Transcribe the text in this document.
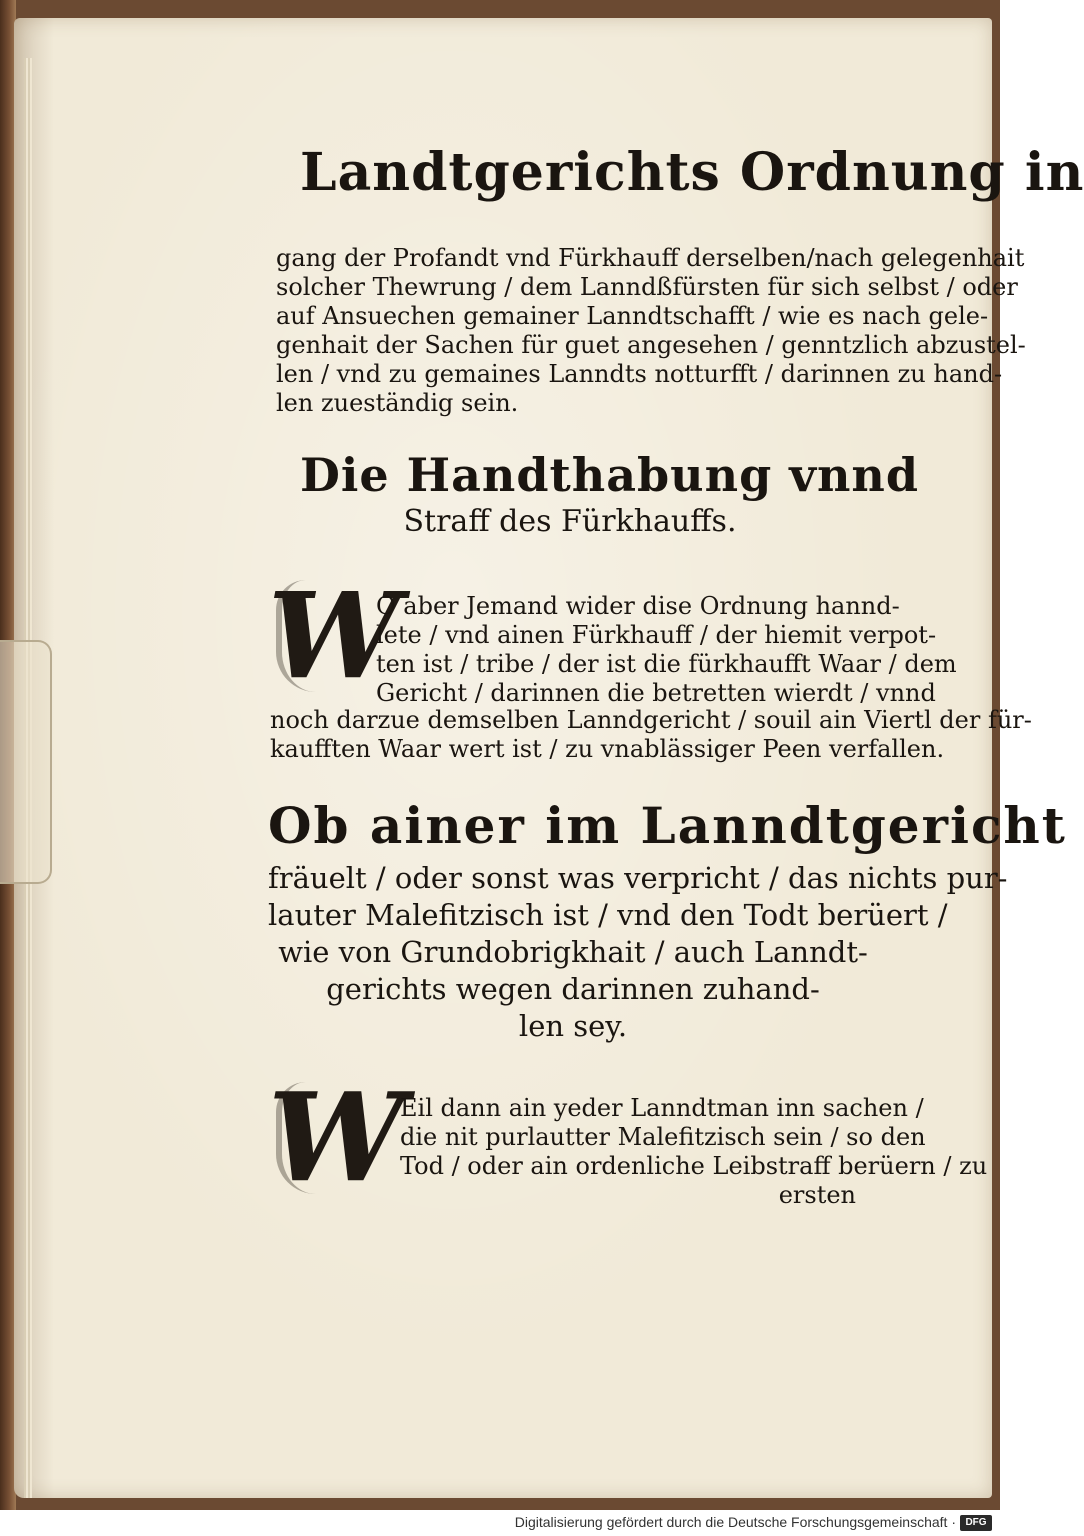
Landtgerichts Ordnung in
gang der Profandt vnd Fürkhauff derselben/nach gelegenhait
solcher Thewrung / dem Lanndßfürsten für sich selbst / oder
auf Ansuechen gemainer Lanndtschafft / wie es nach gele-
genhait der Sachen für guet angesehen / genntzlich abzustel-
len / vnd zu gemaines Lanndts notturfft / darinnen zu hand-
len zueständig sein.
Die Handthabung vnnd
Straff des Fürkhauffs.
W
O aber Jemand wider dise Ordnung hannd-
lete / vnd ainen Fürkhauff / der hiemit verpot-
ten ist / tribe / der ist die fürkhaufft Waar / dem
Gericht / darinnen die betretten wierdt / vnnd
noch darzue demselben Lanndgericht / souil ain Viertl der für-
kaufften Waar wert ist / zu vnablässiger Peen verfallen.
Ob ainer im Lanndtgericht
fräuelt / oder sonst was verpricht / das nichts pur-
lauter Malefitzisch ist / vnd den Todt berüert /
wie von Grundobrigkhait / auch Lanndt-
gerichts wegen darinnen zuhand-
len sey.
W
Eil dann ain yeder Lanndtman inn sachen /
die nit purlautter Malefitzisch sein / so den
Tod / oder ain ordenliche Leibstraff berüern / zu
ersten
Digitalisierung gefördert durch die Deutsche Forschungsgemeinschaft · DFG
